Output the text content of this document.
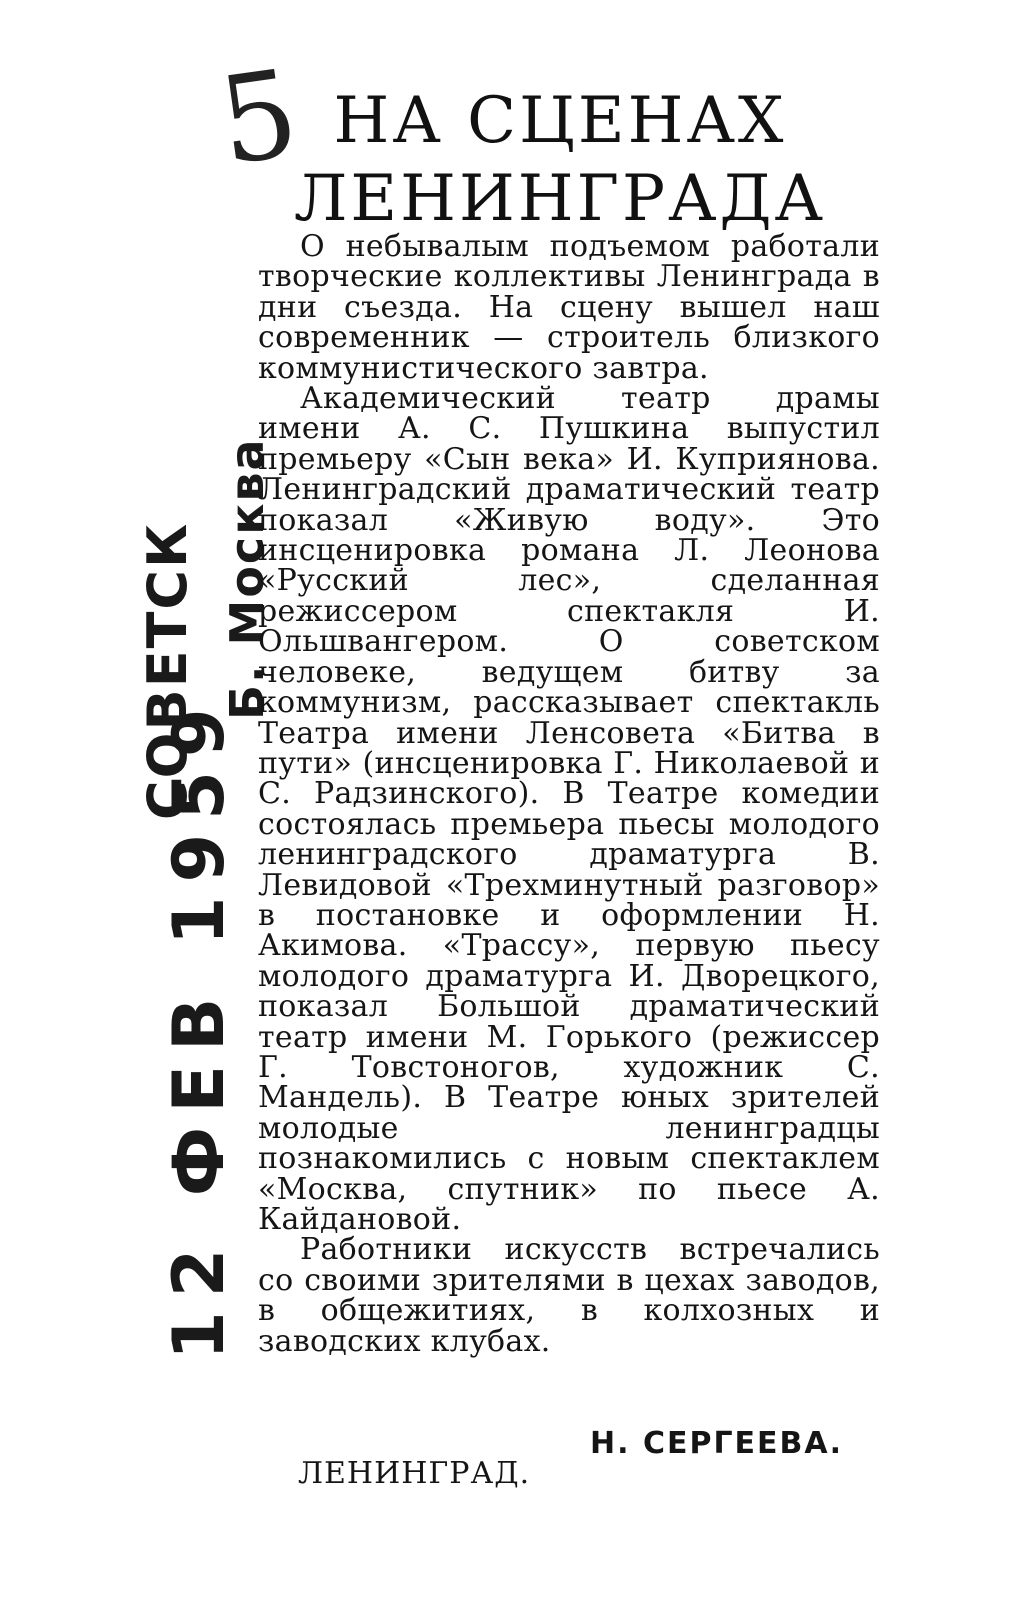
5
12 ФЕВ 1959
СОВЕТСК Б. Москва
НА СЦЕНАХ ЛЕНИНГРАДА

О небывалым подъемом работали творческие коллективы Ленинграда в дни съезда. На сцену вышел наш современник — строитель близкого коммунистического завтра.

Академический театр драмы имени А. С. Пушкина выпустил премьеру «Сын века» И. Куприянова. Ленинградский драматический театр показал «Живую воду». Это инсценировка романа Л. Леонова «Русский лес», сделанная режиссером спектакля И. Ольшвангером. О советском человеке, ведущем битву за коммунизм, рассказывает спектакль Театра имени Ленсовета «Битва в пути» (инсценировка Г. Николаевой и С. Радзинского). В Театре комедии состоялась премьера пьесы молодого ленинградского драматурга В. Левидовой «Трехминутный разговор» в постановке и оформлении Н. Акимова. «Трассу», первую пьесу молодого драматурга И. Дворецкого, показал Большой драматический театр имени М. Горького (режиссер Г. Товстоногов, художник С. Мандель). В Театре юных зрителей молодые ленинградцы познакомились с новым спектаклем «Москва, спутник» по пьесе А. Кайдановой.

Работники искусств встречались со своими зрителями в цехах заводов, в общежитиях, в колхозных и заводских клубах.

Н. СЕРГЕЕВА.
ЛЕНИНГРАД.
